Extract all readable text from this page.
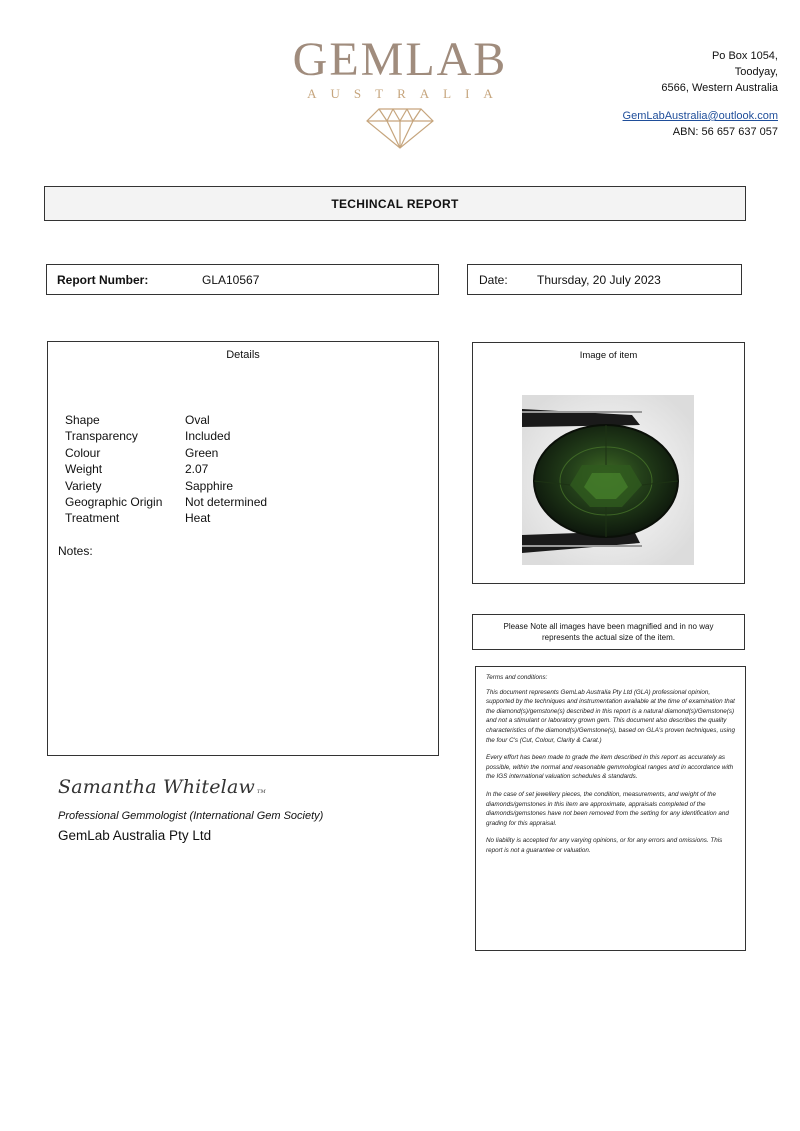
GEMLAB
AUSTRALIA
Po Box 1054,
Toodyay,
6566, Western Australia
GemLabAustralia@outlook.com
ABN: 56 657 637 057
TECHINCAL REPORT
Report Number:	GLA10567	Date:	Thursday, 20 July 2023
Details
Shape	Oval
Transparency	Included
Colour	Green
Weight	2.07
Variety	Sapphire
Geographic Origin	Not determined
Treatment	Heat
Notes:
Image of item
Please Note all images have been magnified and in no way
represents the actual size of the item.

Terms and conditions:

This document represents GemLab Australia Pty Ltd (GLA) professional opinion, supported by the techniques and instrumentation available at the time of examination that the diamond(s)/gemstone(s) described in this report is a natural diamond(s)/Gemstone(s) and not a stimulant or laboratory grown gem. This document also describes the quality characteristics of the diamond(s)/Gemstone(s), based on GLA's proven techniques, using the four C's (Cut, Colour, Clarity & Carat.)

Every effort has been made to grade the item described in this report as accurately as possible, within the normal and reasonable gemmological ranges and in accordance with the IGS international valuation schedules & standards.

In the case of set jewellery pieces, the condition, measurements, and weight of the diamonds/gemstones in this item are approximate, appraisals completed of the diamonds/gemstones have not been removed from the setting for any identification and grading for this appraisal.

No liability is accepted for any varying opinions, or for any errors and omissions. This report is not a guarantee or valuation.

Samantha Whitelaw TM
Professional Gemmologist (International Gem Society)
GemLab Australia Pty Ltd
